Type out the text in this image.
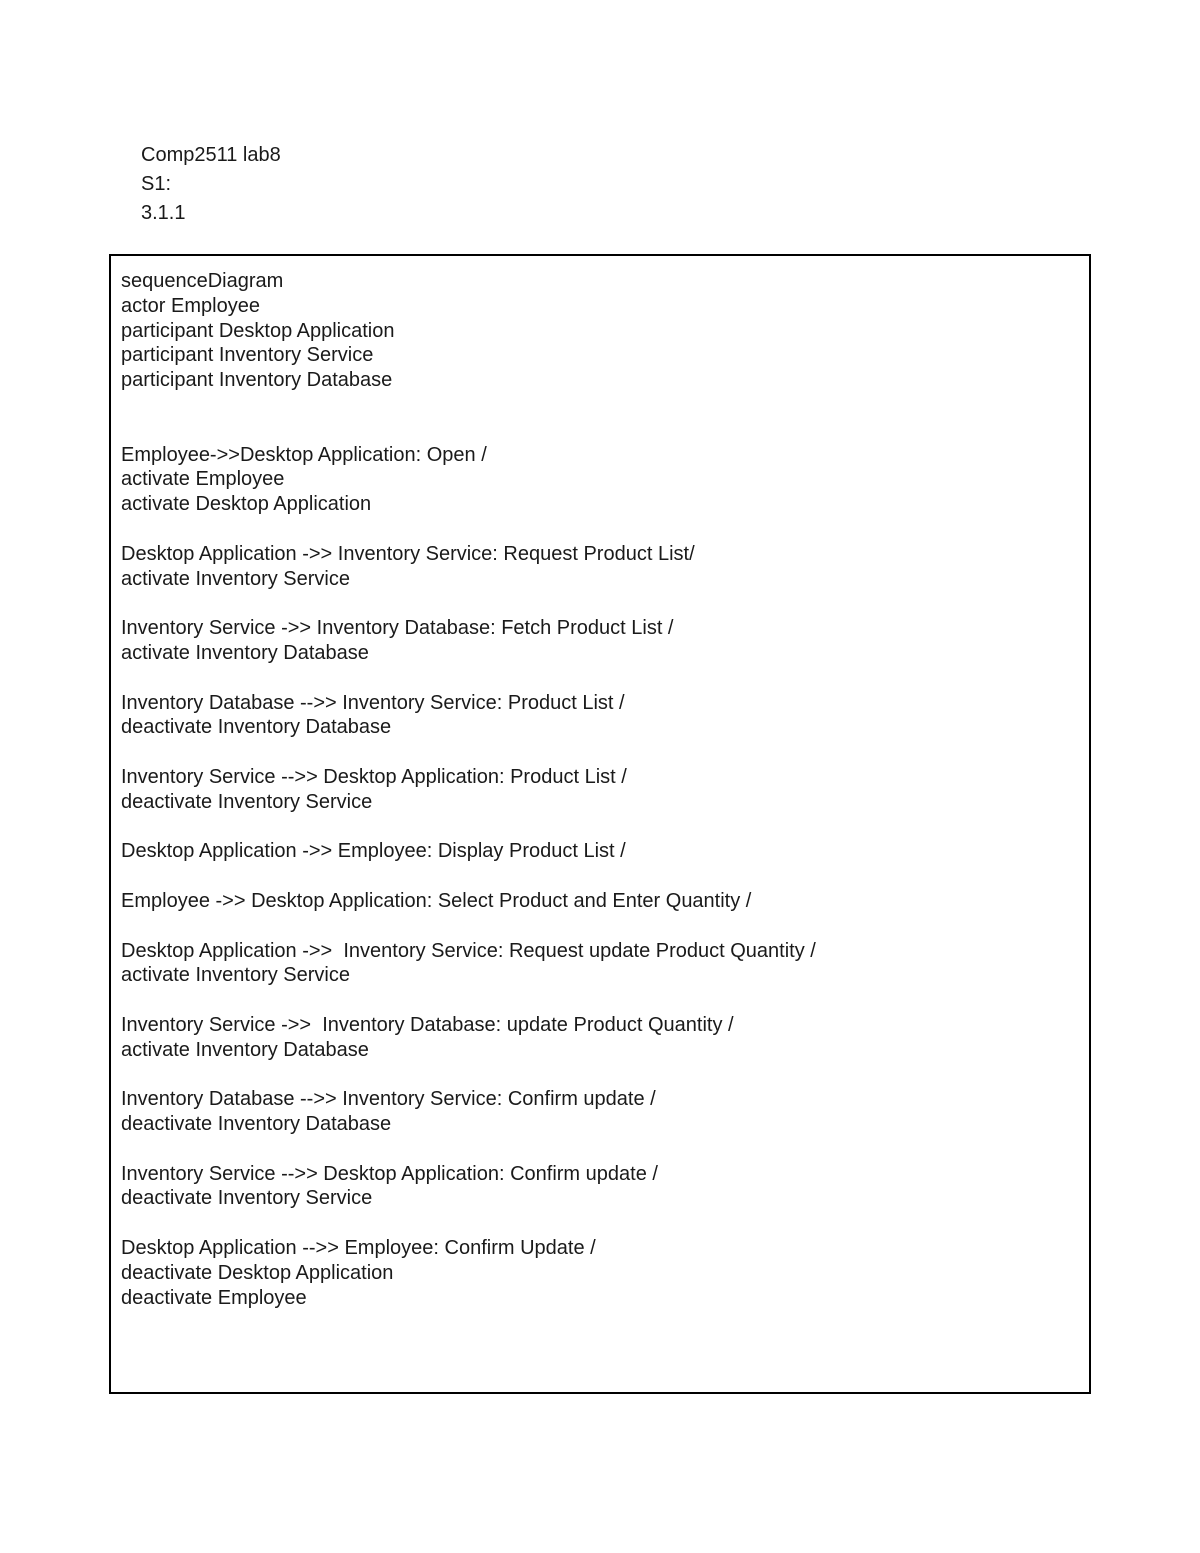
Comp2511 lab8
S1:
3.1.1
sequenceDiagram
actor Employee
participant Desktop Application
participant Inventory Service
participant Inventory Database
Employee->>Desktop Application: Open /
activate Employee
activate Desktop Application
Desktop Application ->> Inventory Service: Request Product List/
activate Inventory Service
Inventory Service ->> Inventory Database: Fetch Product List /
activate Inventory Database
Inventory Database -->> Inventory Service: Product List /
deactivate Inventory Database
Inventory Service -->> Desktop Application: Product List /
deactivate Inventory Service
Desktop Application ->> Employee: Display Product List /
Employee ->> Desktop Application: Select Product and Enter Quantity /
Desktop Application ->>  Inventory Service: Request update Product Quantity /
activate Inventory Service
Inventory Service ->>  Inventory Database: update Product Quantity /
activate Inventory Database
Inventory Database -->> Inventory Service: Confirm update /
deactivate Inventory Database
Inventory Service -->> Desktop Application: Confirm update /
deactivate Inventory Service
Desktop Application -->> Employee: Confirm Update /
deactivate Desktop Application
deactivate Employee
